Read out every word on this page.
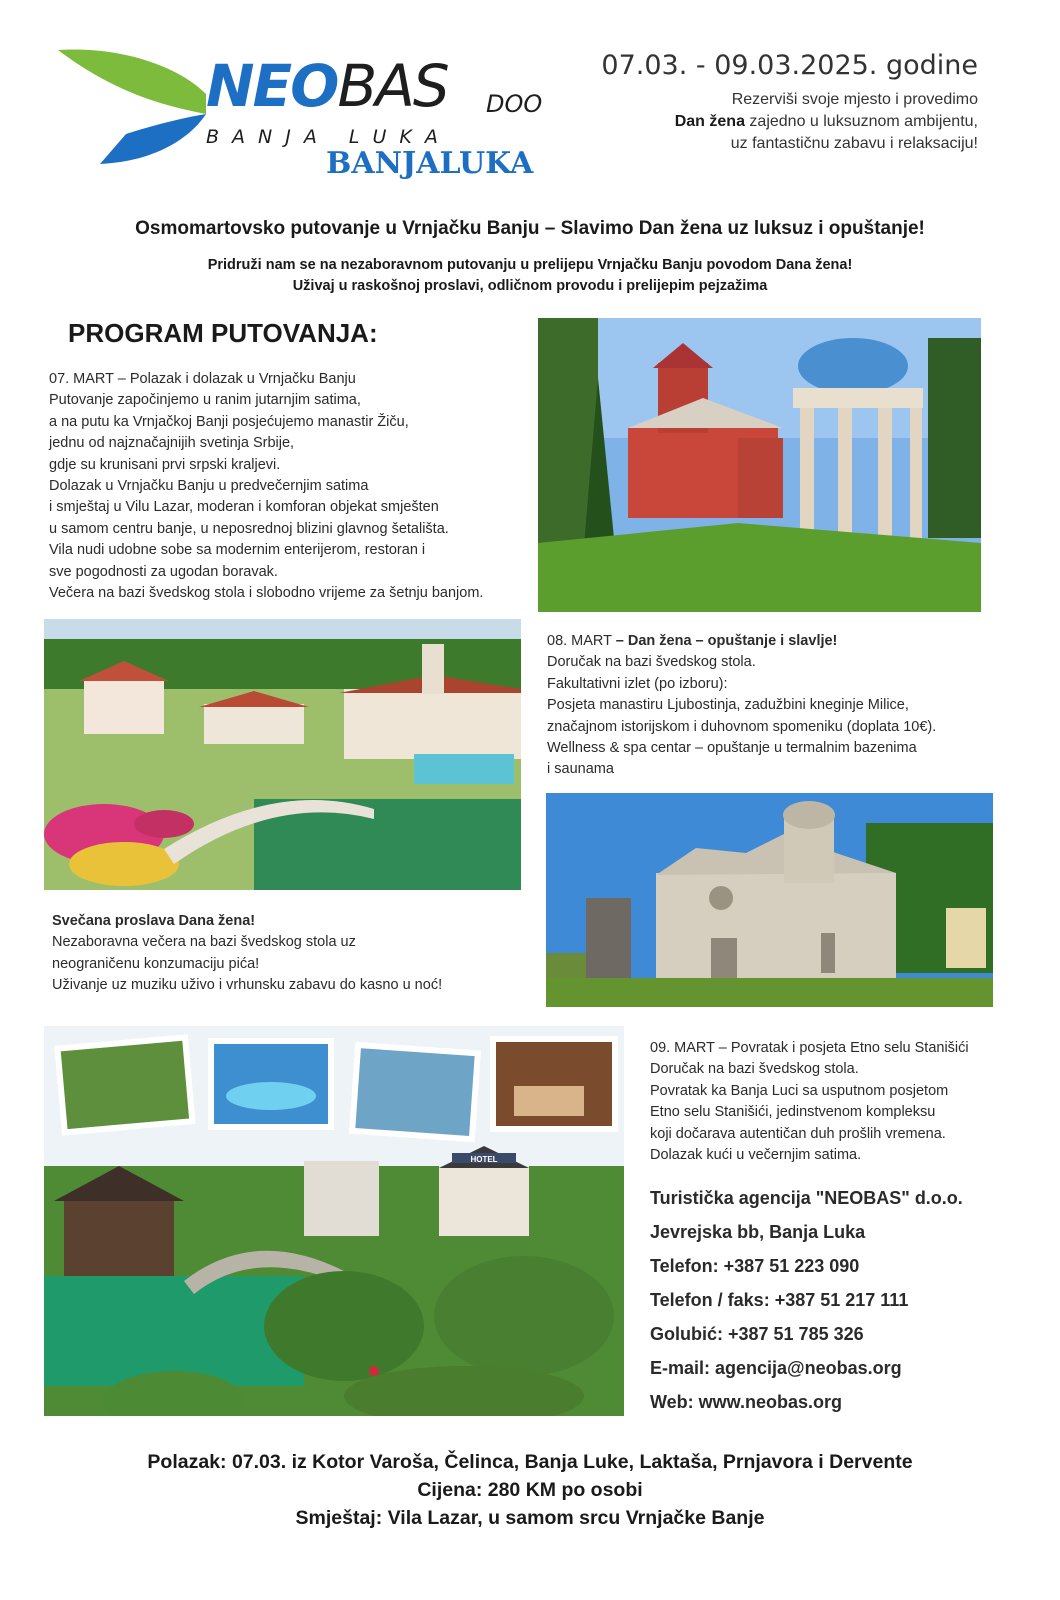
NEOBAS DOO
BANJA LUKA
BANJALUKA
07.03. - 09.03.2025. godine
Rezerviši svoje mjesto i provedimo
Dan žena zajedno u luksuznom ambijentu,
uz fantastičnu zabavu i relaksaciju!
Osmomartovsko putovanje u Vrnjačku Banju – Slavimo Dan žena uz luksuz i opuštanje!
Pridruži nam se na nezaboravnom putovanju u prelijepu Vrnjačku Banju povodom Dana žena!
Uživaj u raskošnoj proslavi, odličnom provodu i prelijepim pejzažima
PROGRAM PUTOVANJA:
07. MART – Polazak i dolazak u Vrnjačku Banju
Putovanje započinjemo u ranim jutarnjim satima,
a na putu ka Vrnjačkoj Banji posjećujemo manastir Žiču,
jednu od najznačajnijih svetinja Srbije,
gdje su krunisani prvi srpski kraljevi.
Dolazak u Vrnjačku Banju u predvečernjim satima
i smještaj u Vilu Lazar, moderan i komforan objekat smješten
u samom centru banje, u neposrednoj blizini glavnog šetališta.
Vila nudi udobne sobe sa modernim enterijerom, restoran i
sve pogodnosti za ugodan boravak.
Večera na bazi švedskog stola i slobodno vrijeme za šetnju banjom.
08. MART – Dan žena – opuštanje i slavlje!
Doručak na bazi švedskog stola.
Fakultativni izlet (po izboru):
Posjeta manastiru Ljubostinja, zadužbini kneginje Milice,
značajnom istorijskom i duhovnom spomeniku (doplata 10€).
Wellness & spa centar – opuštanje u termalnim bazenima
i saunama
Svečana proslava Dana žena!
Nezaboravna večera na bazi švedskog stola uz
neograničenu konzumaciju pića!
Uživanje uz muziku uživo i vrhunsku zabavu do kasno u noć!
HOTEL
09. MART – Povratak i posjeta Etno selu Stanišići
Doručak na bazi švedskog stola.
Povratak ka Banja Luci sa usputnom posjetom
Etno selu Stanišići, jedinstvenom kompleksu
koji dočarava autentičan duh prošlih vremena.
Dolazak kući u večernjim satima.
Turistička agencija "NEOBAS" d.o.o.
Jevrejska bb, Banja Luka
Telefon: +387 51 223 090
Telefon / faks: +387 51 217 111
Golubić: +387 51 785 326
E-mail: agencija@neobas.org
Web: www.neobas.org
Polazak: 07.03. iz Kotor Varoša, Čelinca, Banja Luke, Laktaša, Prnjavora i Dervente
Cijena: 280 KM po osobi
Smještaj: Vila Lazar, u samom srcu Vrnjačke Banje
